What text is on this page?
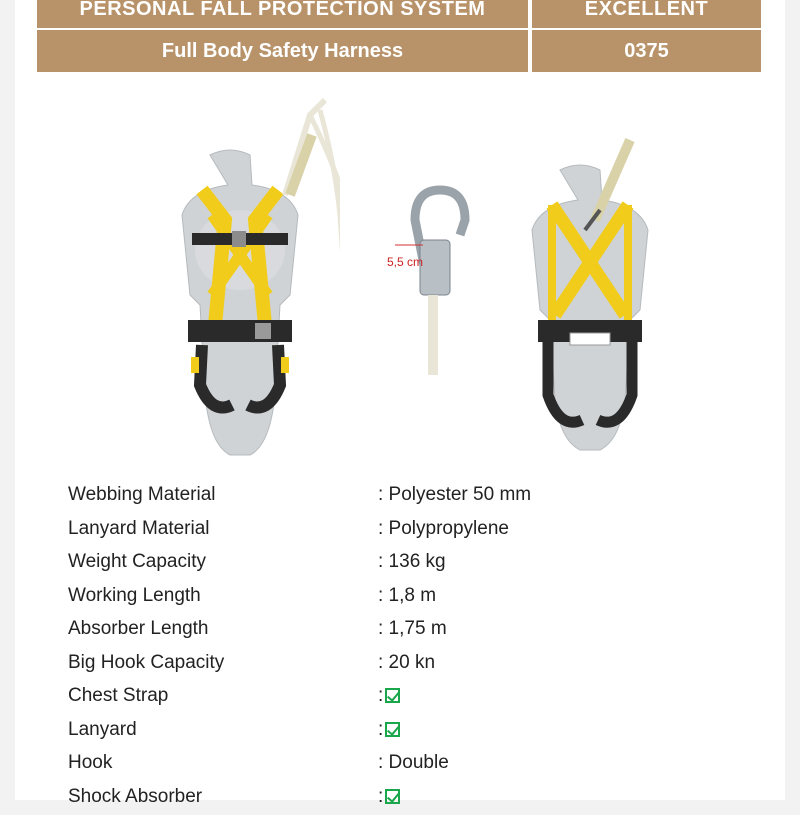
PERSONAL FALL PROTECTION SYSTEM	EXCELLENT
Full Body Safety Harness	0375
5,5 cm
Webbing Material	: Polyester 50 mm
Lanyard Material	: Polypropylene
Weight Capacity	: 136 kg
Working Length	: 1,8 m
Absorber Length	: 1,75 m
Big Hook Capacity	: 20 kn
Chest Strap	:
Lanyard	:
Hook	: Double
Shock Absorber	:
